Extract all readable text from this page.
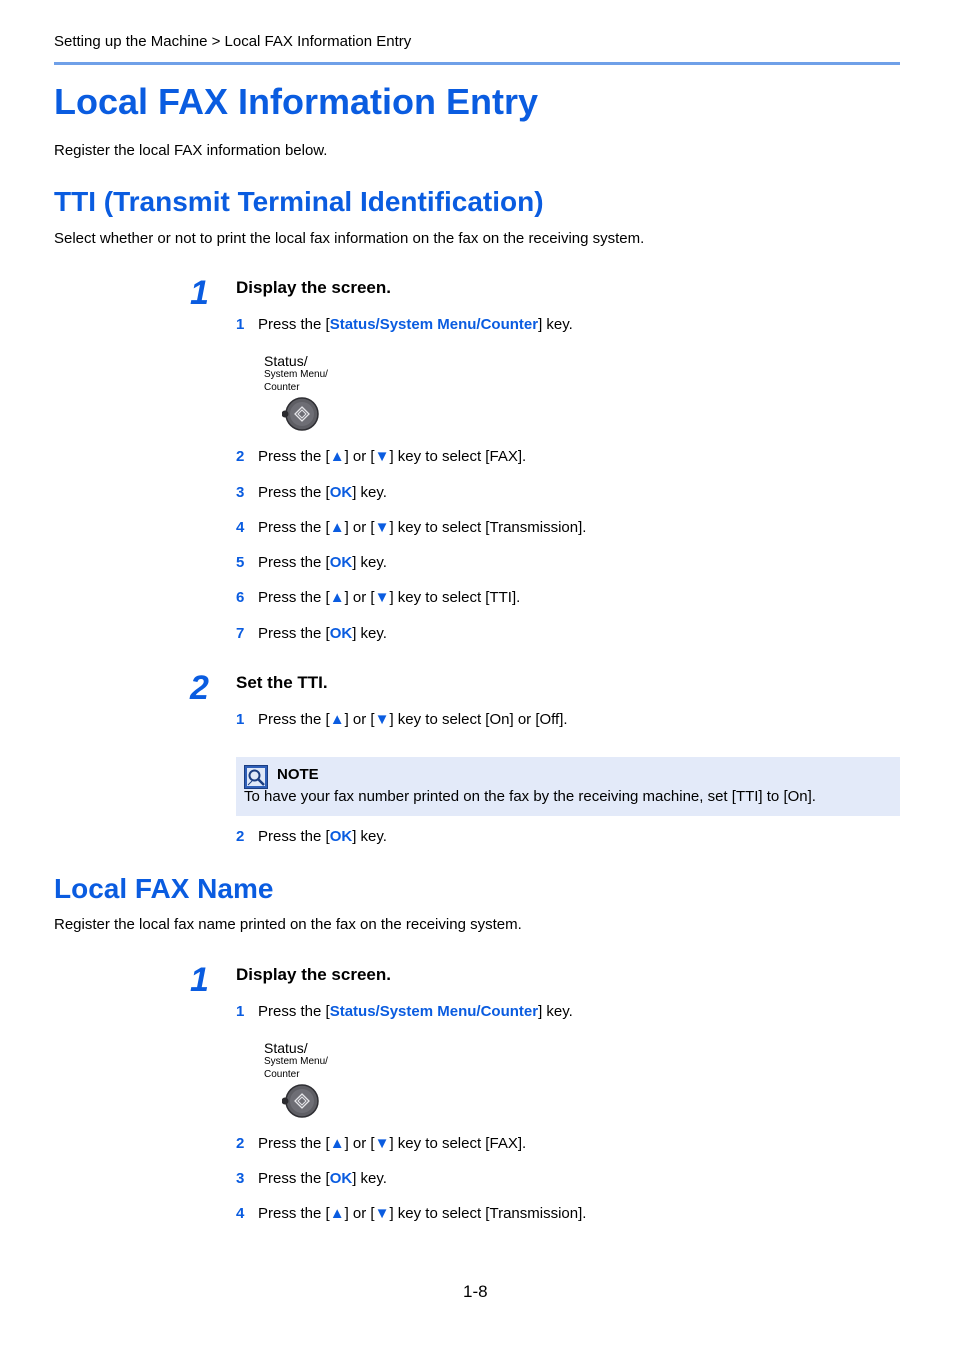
Setting up the Machine > Local FAX Information Entry
Local FAX Information Entry
Register the local FAX information below.
TTI (Transmit Terminal Identification)
Select whether or not to print the local fax information on the fax on the receiving system.
1 Display the screen.
1 Press the [Status/System Menu/Counter] key.
Status/
System Menu/
Counter
2 Press the [▲] or [▼] key to select [FAX].
3 Press the [OK] key.
4 Press the [▲] or [▼] key to select [Transmission].
5 Press the [OK] key.
6 Press the [▲] or [▼] key to select [TTI].
7 Press the [OK] key.
2 Set the TTI.
1 Press the [▲] or [▼] key to select [On] or [Off].
NOTE
To have your fax number printed on the fax by the receiving machine, set [TTI] to [On].
2 Press the [OK] key.
Local FAX Name
Register the local fax name printed on the fax on the receiving system.
1 Display the screen.
1 Press the [Status/System Menu/Counter] key.
Status/
System Menu/
Counter
2 Press the [▲] or [▼] key to select [FAX].
3 Press the [OK] key.
4 Press the [▲] or [▼] key to select [Transmission].
1-8
